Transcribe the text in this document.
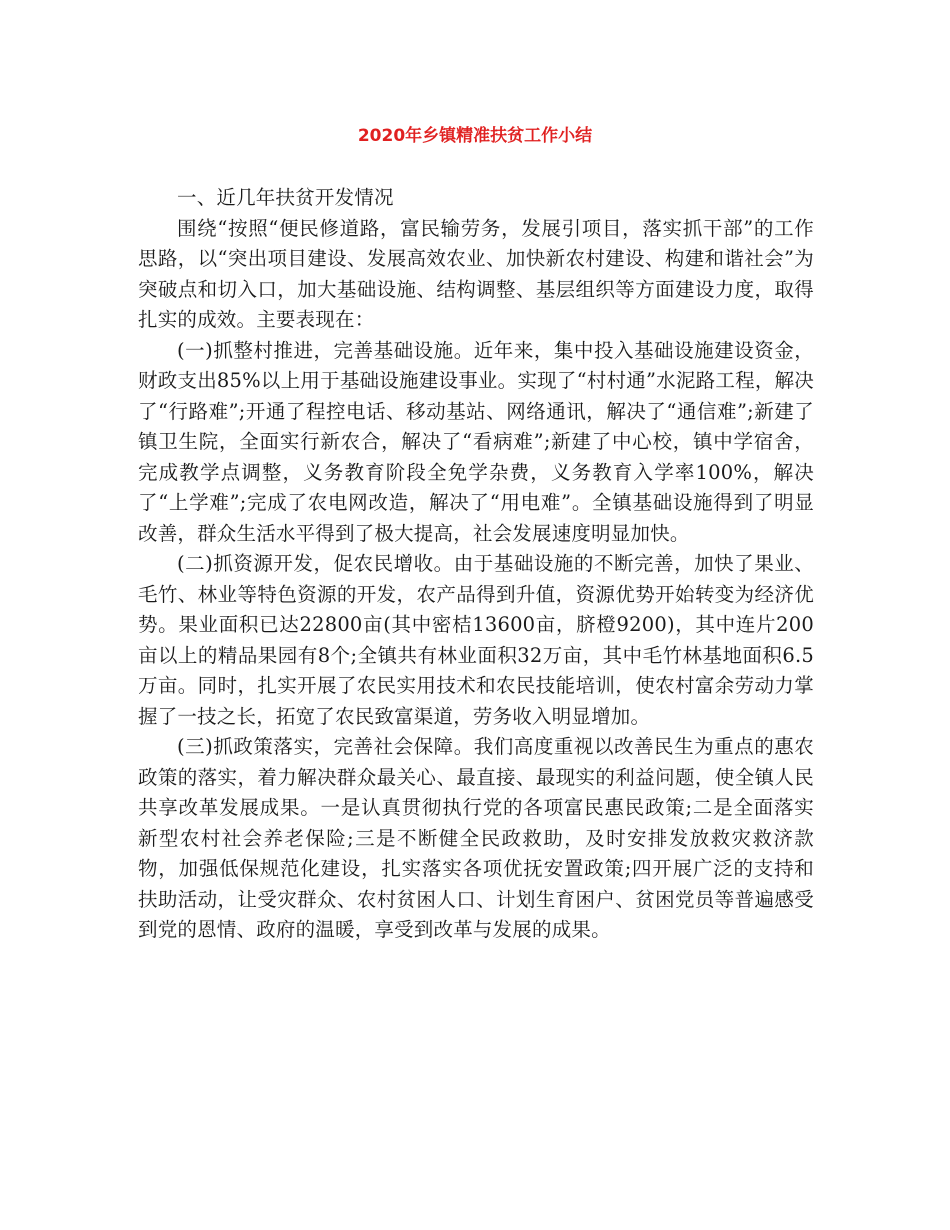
2020年乡镇精准扶贫工作小结

一、近几年扶贫开发情况

围绕“按照“便民修道路，富民输劳务，发展引项目，落实抓干部”的工作思路，以“突出项目建设、发展高效农业、加快新农村建设、构建和谐社会”为突破点和切入口，加大基础设施、结构调整、基层组织等方面建设力度，取得扎实的成效。主要表现在：

(一)抓整村推进，完善基础设施。近年来，集中投入基础设施建设资金，财政支出85%以上用于基础设施建设事业。实现了“村村通”水泥路工程，解决了“行路难”;开通了程控电话、移动基站、网络通讯，解决了“通信难”;新建了镇卫生院，全面实行新农合，解决了“看病难”;新建了中心校，镇中学宿舍，完成教学点调整，义务教育阶段全免学杂费，义务教育入学率100%，解决了“上学难”;完成了农电网改造，解决了“用电难”。全镇基础设施得到了明显改善，群众生活水平得到了极大提高，社会发展速度明显加快。

(二)抓资源开发，促农民增收。由于基础设施的不断完善，加快了果业、毛竹、林业等特色资源的开发，农产品得到升值，资源优势开始转变为经济优势。果业面积已达22800亩(其中密桔13600亩，脐橙9200)，其中连片200亩以上的精品果园有8个;全镇共有林业面积32万亩，其中毛竹林基地面积6.5万亩。同时，扎实开展了农民实用技术和农民技能培训，使农村富余劳动力掌握了一技之长，拓宽了农民致富渠道，劳务收入明显增加。

(三)抓政策落实，完善社会保障。我们高度重视以改善民生为重点的惠农政策的落实，着力解决群众最关心、最直接、最现实的利益问题，使全镇人民共享改革发展成果。一是认真贯彻执行党的各项富民惠民政策;二是全面落实新型农村社会养老保险;三是不断健全民政救助，及时安排发放救灾救济款物，加强低保规范化建设，扎实落实各项优抚安置政策;四开展广泛的支持和扶助活动，让受灾群众、农村贫困人口、计划生育困户、贫困党员等普遍感受到党的恩情、政府的温暖，享受到改革与发展的成果。
